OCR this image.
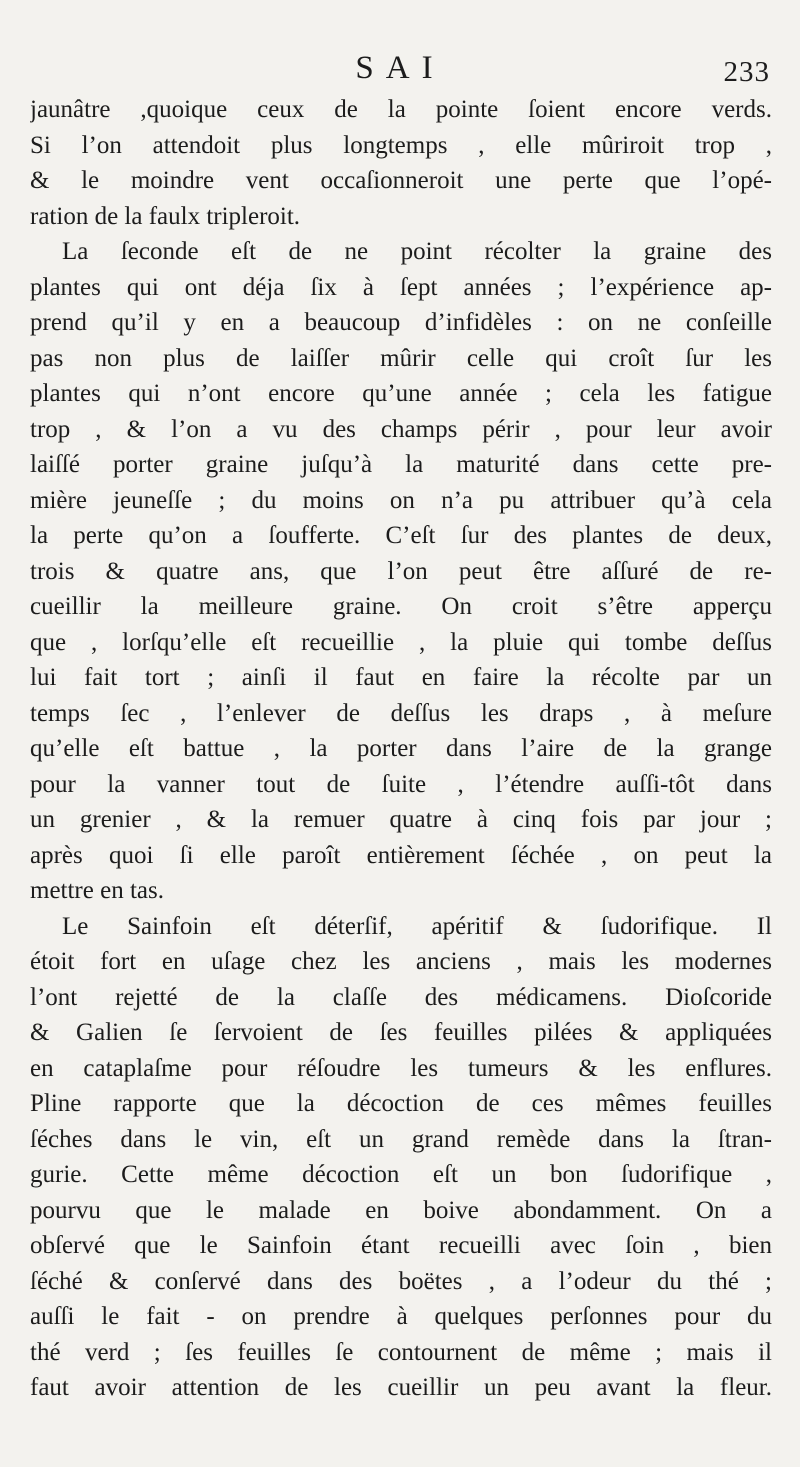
SAI	233
jaunâtre ,quoique ceux de la pointe ſoient encore verds.
Si l’on attendoit plus longtemps , elle mûriroit trop ,
& le moindre vent occaſionneroit une perte que l’opé-
ration de la faulx tripleroit.
La ſeconde eſt de ne point récolter la graine des
plantes qui ont déja ſix à ſept années ; l’expérience ap-
prend qu’il y en a beaucoup d’infidèles : on ne conſeille
pas non plus de laiſſer mûrir celle qui croît ſur les
plantes qui n’ont encore qu’une année ; cela les fatigue
trop , & l’on a vu des champs périr , pour leur avoir
laiſſé porter graine juſqu’à la maturité dans cette pre-
mière jeuneſſe ; du moins on n’a pu attribuer qu’à cela
la perte qu’on a ſoufferte. C’eſt ſur des plantes de deux,
trois & quatre ans, que l’on peut être aſſuré de re-
cueillir la meilleure graine. On croit s’être apperçu
que , lorſqu’elle eſt recueillie , la pluie qui tombe deſſus
lui fait tort ; ainſi il faut en faire la récolte par un
temps ſec , l’enlever de deſſus les draps , à meſure
qu’elle eſt battue , la porter dans l’aire de la grange
pour la vanner tout de ſuite , l’étendre auſſi-tôt dans
un grenier , & la remuer quatre à cinq fois par jour ;
après quoi ſi elle paroît entièrement ſéchée , on peut la
mettre en tas.
Le Sainfoin eſt déterſif, apéritif & ſudorifique. Il
étoit fort en uſage chez les anciens , mais les modernes
l’ont rejetté de la claſſe des médicamens. Dioſcoride
& Galien ſe ſervoient de ſes feuilles pilées & appliquées
en cataplaſme pour réſoudre les tumeurs & les enflures.
Pline rapporte que la décoction de ces mêmes feuilles
ſéches dans le vin, eſt un grand remède dans la ſtran-
gurie. Cette même décoction eſt un bon ſudorifique ,
pourvu que le malade en boive abondamment. On a
obſervé que le Sainfoin étant recueilli avec ſoin , bien
ſéché & conſervé dans des boëtes , a l’odeur du thé ;
auſſi le fait - on prendre à quelques perſonnes pour du
thé verd ; ſes feuilles ſe contournent de même ; mais il
faut avoir attention de les cueillir un peu avant la fleur.
